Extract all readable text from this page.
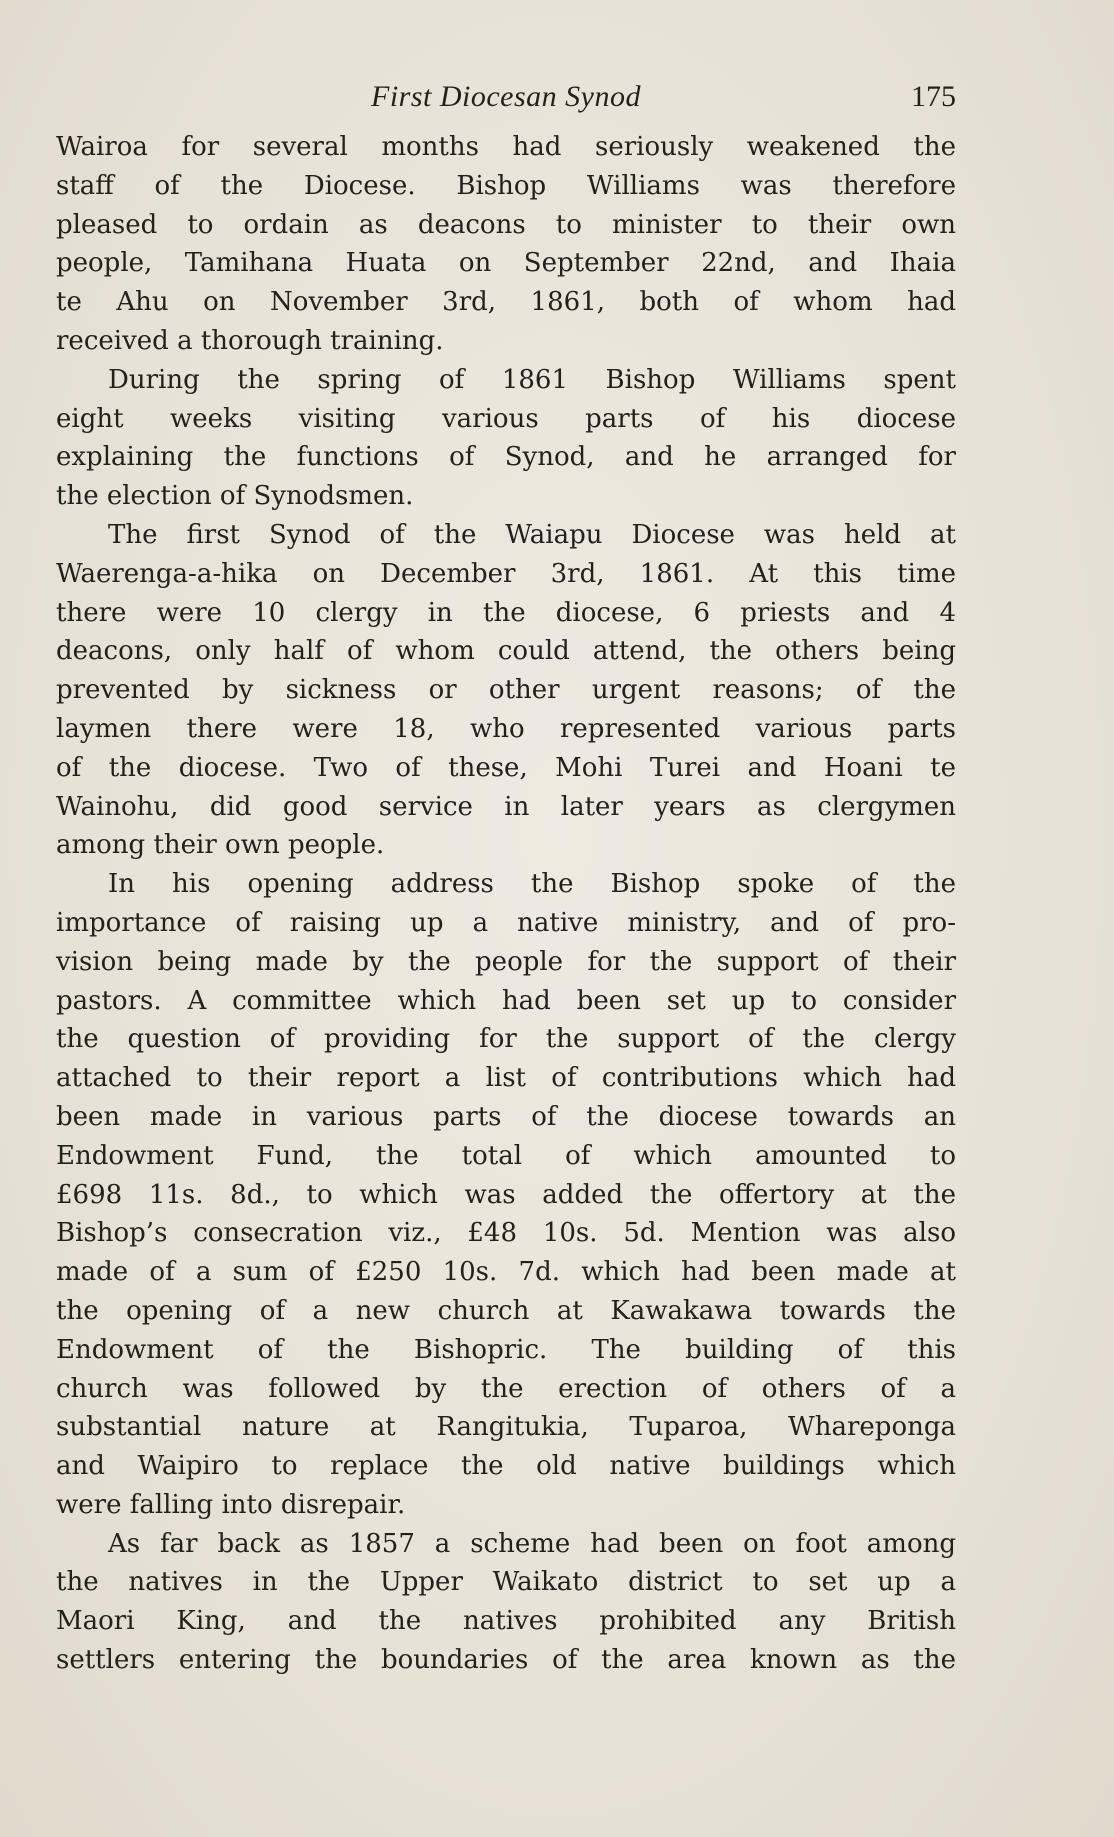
First Diocesan Synod	175
Wairoa for several months had seriously weakened the
staff of the Diocese. Bishop Williams was therefore
pleased to ordain as deacons to minister to their own
people, Tamihana Huata on September 22nd, and Ihaia
te Ahu on November 3rd, 1861, both of whom had
received a thorough training.
During the spring of 1861 Bishop Williams spent
eight weeks visiting various parts of his diocese
explaining the functions of Synod, and he arranged for
the election of Synodsmen.
The first Synod of the Waiapu Diocese was held at
Waerenga-a-hika on December 3rd, 1861. At this time
there were 10 clergy in the diocese, 6 priests and 4
deacons, only half of whom could attend, the others being
prevented by sickness or other urgent reasons; of the
laymen there were 18, who represented various parts
of the diocese. Two of these, Mohi Turei and Hoani te
Wainohu, did good service in later years as clergymen
among their own people.
In his opening address the Bishop spoke of the
importance of raising up a native ministry, and of pro-
vision being made by the people for the support of their
pastors. A committee which had been set up to consider
the question of providing for the support of the clergy
attached to their report a list of contributions which had
been made in various parts of the diocese towards an
Endowment Fund, the total of which amounted to
£698 11s. 8d., to which was added the offertory at the
Bishop’s consecration viz., £48 10s. 5d. Mention was also
made of a sum of £250 10s. 7d. which had been made at
the opening of a new church at Kawakawa towards the
Endowment of the Bishopric. The building of this
church was followed by the erection of others of a
substantial nature at Rangitukia, Tuparoa, Whareponga
and Waipiro to replace the old native buildings which
were falling into disrepair.
As far back as 1857 a scheme had been on foot among
the natives in the Upper Waikato district to set up a
Maori King, and the natives prohibited any British
settlers entering the boundaries of the area known as the
